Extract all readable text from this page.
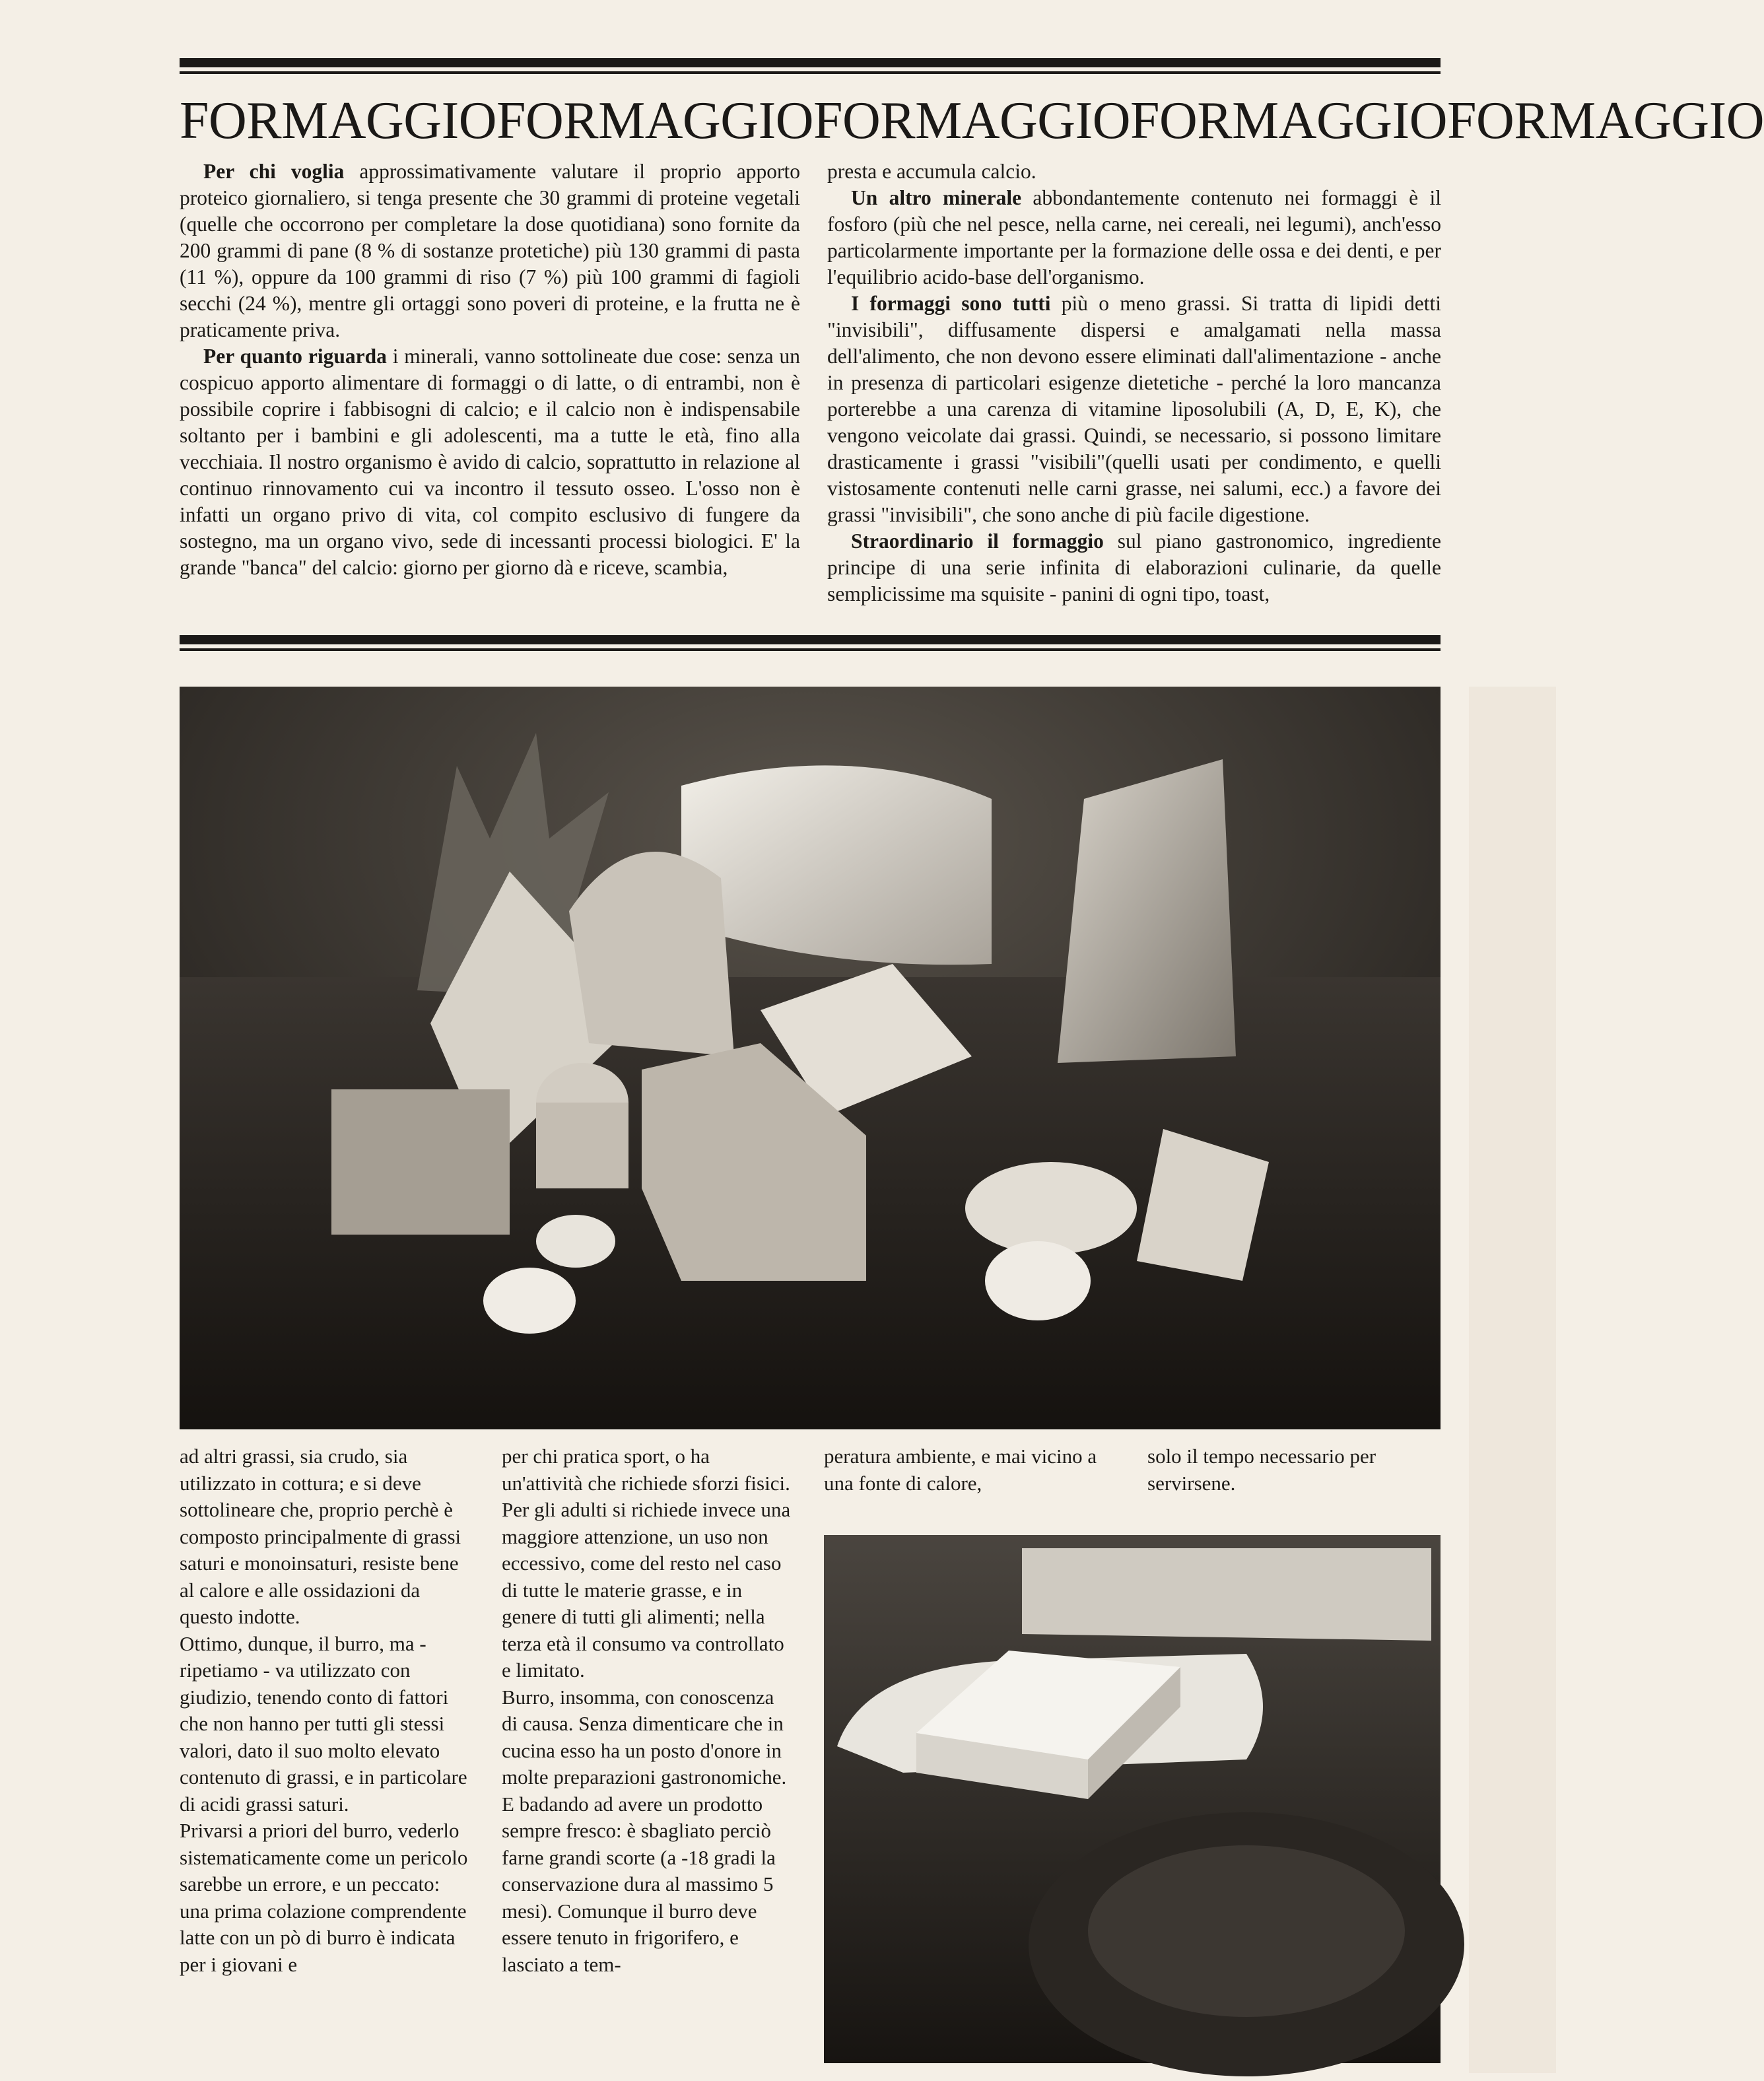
FORMAGGIOFORMAGGIOFORMAGGIOFORMAGGIOFORMAGGIO

Per chi voglia approssimativamente valutare il proprio apporto proteico giornaliero, si tenga presente che 30 grammi di proteine vegetali (quelle che occorrono per completare la dose quotidiana) sono fornite da 200 grammi di pane (8 % di sostanze protetiche) più 130 grammi di pasta (11 %), oppure da 100 grammi di riso (7 %) più 100 grammi di fagioli secchi (24 %), mentre gli ortaggi sono poveri di proteine, e la frutta ne è praticamente priva.

Per quanto riguarda i minerali, vanno sottolineate due cose: senza un cospicuo apporto alimentare di formaggi o di latte, o di entrambi, non è possibile coprire i fabbisogni di calcio; e il calcio non è indispensabile soltanto per i bambini e gli adolescenti, ma a tutte le età, fino alla vecchiaia. Il nostro organismo è avido di calcio, soprattutto in relazione al continuo rinnovamento cui va incontro il tessuto osseo. L'osso non è infatti un organo privo di vita, col compito esclusivo di fungere da sostegno, ma un organo vivo, sede di incessanti processi biologici. E' la grande "banca" del calcio: giorno per giorno dà e riceve, scambia,

presta e accumula calcio.

Un altro minerale abbondantemente contenuto nei formaggi è il fosforo (più che nel pesce, nella carne, nei cereali, nei legumi), anch'esso particolarmente importante per la formazione delle ossa e dei denti, e per l'equilibrio acido-base dell'organismo.

I formaggi sono tutti più o meno grassi. Si tratta di lipidi detti "invisibili", diffusamente dispersi e amalgamati nella massa dell'alimento, che non devono essere eliminati dall'alimentazione - anche in presenza di particolari esigenze dietetiche - perché la loro mancanza porterebbe a una carenza di vitamine liposolubili (A, D, E, K), che vengono veicolate dai grassi. Quindi, se necessario, si possono limitare drasticamente i grassi "visibili"(quelli usati per condimento, e quelli vistosamente contenuti nelle carni grasse, nei salumi, ecc.) a favore dei grassi "invisibili", che sono anche di più facile digestione.

Straordinario il formaggio sul piano gastronomico, ingrediente principe di una serie infinita di elaborazioni culinarie, da quelle semplicissime ma squisite - panini di ogni tipo, toast,

ad altri grassi, sia crudo, sia utilizzato in cottura; e si deve sottolineare che, proprio perchè è composto principalmente di grassi saturi e monoinsaturi, resiste bene al calore e alle ossidazioni da questo indotte.

Ottimo, dunque, il burro, ma - ripetiamo - va utilizzato con giudizio, tenendo conto di fattori che non hanno per tutti gli stessi valori, dato il suo molto elevato contenuto di grassi, e in particolare di acidi grassi saturi.

Privarsi a priori del burro, vederlo sistematicamente come un pericolo sarebbe un errore, e un peccato: una prima colazione comprendente latte con un pò di burro è indicata per i giovani e

per chi pratica sport, o ha un'attività che richiede sforzi fisici. Per gli adulti si richiede invece una maggiore attenzione, un uso non eccessivo, come del resto nel caso di tutte le materie grasse, e in genere di tutti gli alimenti; nella terza età il consumo va controllato e limitato.

Burro, insomma, con conoscenza di causa. Senza dimenticare che in cucina esso ha un posto d'onore in molte preparazioni gastronomiche. E badando ad avere un prodotto sempre fresco: è sbagliato perciò farne grandi scorte (a -18 gradi la conservazione dura al massimo 5 mesi). Comunque il burro deve essere tenuto in frigorifero, e lasciato a tem-

peratura ambiente, e mai vicino a una fonte di calore,

solo il tempo necessario per servirsene.
